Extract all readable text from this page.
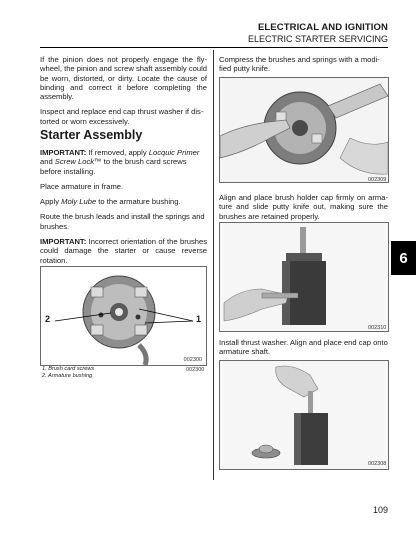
ELECTRICAL AND IGNITION
ELECTRIC STARTER SERVICING

If the pinion does not properly engage the flywheel, the pinion and screw shaft assembly could be worn, distorted, or dirty. Locate the cause of binding and correct it before completing the assembly.

Inspect and replace end cap thrust washer if distorted or worn excessively.

Starter Assembly

IMPORTANT: If removed, apply Locquic Primer and Screw Lock™ to the brush card screws before installing.

Place armature in frame.

Apply Moly Lube to the armature bushing.

Route the brush leads and install the springs and brushes.

IMPORTANT: Incorrect orientation of the brushes could damage the starter or cause reverse rotation.

2	1
002300
1. Brush card screws
2. Armature bushing
002300

Compress the brushes and springs with a modified putty knife.

002309

Align and place brush holder cap firmly on armature and slide putty knife out, making sure the brushes are retained properly.

002310

Install thrust washer. Align and place end cap onto armature shaft.

002308
6
109
